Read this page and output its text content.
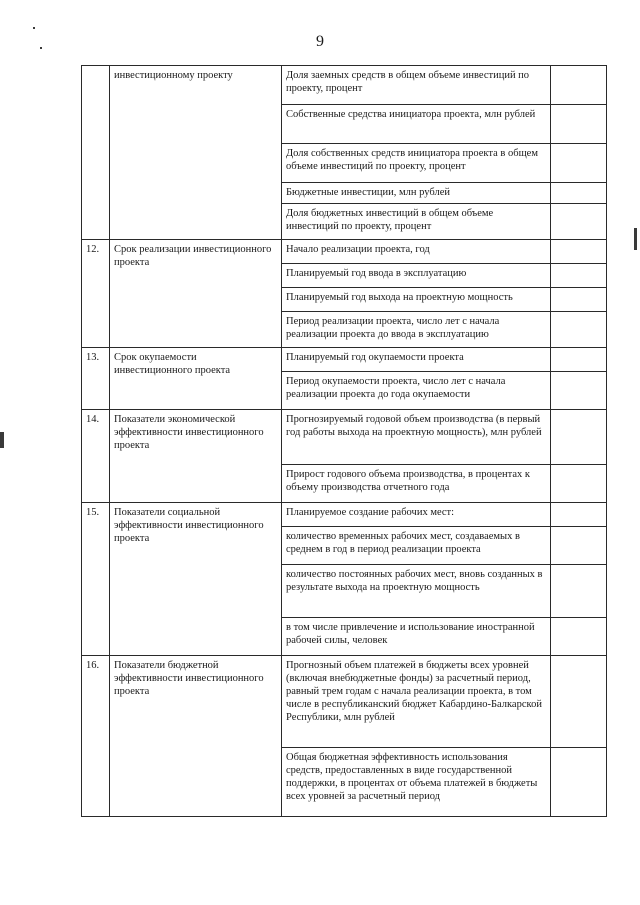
9
	инвестиционному проекту	Доля заемных средств в общем объеме инвестиций по проекту, процент	
		Собственные средства инициатора проекта, млн рублей	
		Доля собственных средств инициатора проекта в общем объеме инвестиций по проекту, процент	
		Бюджетные инвестиции, млн рублей	
		Доля бюджетных инвестиций в общем объеме инвестиций по проекту, процент	
12.	Срок реализации инвестиционного проекта	Начало реализации проекта, год	
		Планируемый год ввода в эксплуатацию	
		Планируемый год выхода на проектную мощность	
		Период реализации проекта, число лет с начала реализации проекта до ввода в эксплуатацию	
13.	Срок окупаемости инвестиционного проекта	Планируемый год окупаемости проекта	
		Период окупаемости проекта, число лет с начала реализации проекта до года окупаемости	
14.	Показатели экономической эффективности инвестиционного проекта	Прогнозируемый годовой объем производства (в первый год работы выхода на проектную мощность), млн рублей	
		Прирост годового объема производства, в процентах к объему производства отчетного года	
15.	Показатели социальной эффективности инвестиционного проекта	Планируемое создание рабочих мест:	
		количество временных рабочих мест, создаваемых в среднем в год в период реализации проекта	
		количество постоянных рабочих мест, вновь созданных в результате выхода на проектную мощность	
		в том числе привлечение и использование иностранной рабочей силы, человек	
16.	Показатели бюджетной эффективности инвестиционного проекта	Прогнозный объем платежей в бюджеты всех уровней (включая внебюджетные фонды) за расчетный период, равный трем годам с начала реализации проекта, в том числе в республиканский бюджет Кабардино-Балкарской Республики, млн рублей	
		Общая бюджетная эффективность использования средств, предоставленных в виде государственной поддержки, в процентах от объема платежей в бюджеты всех уровней за расчетный период	
